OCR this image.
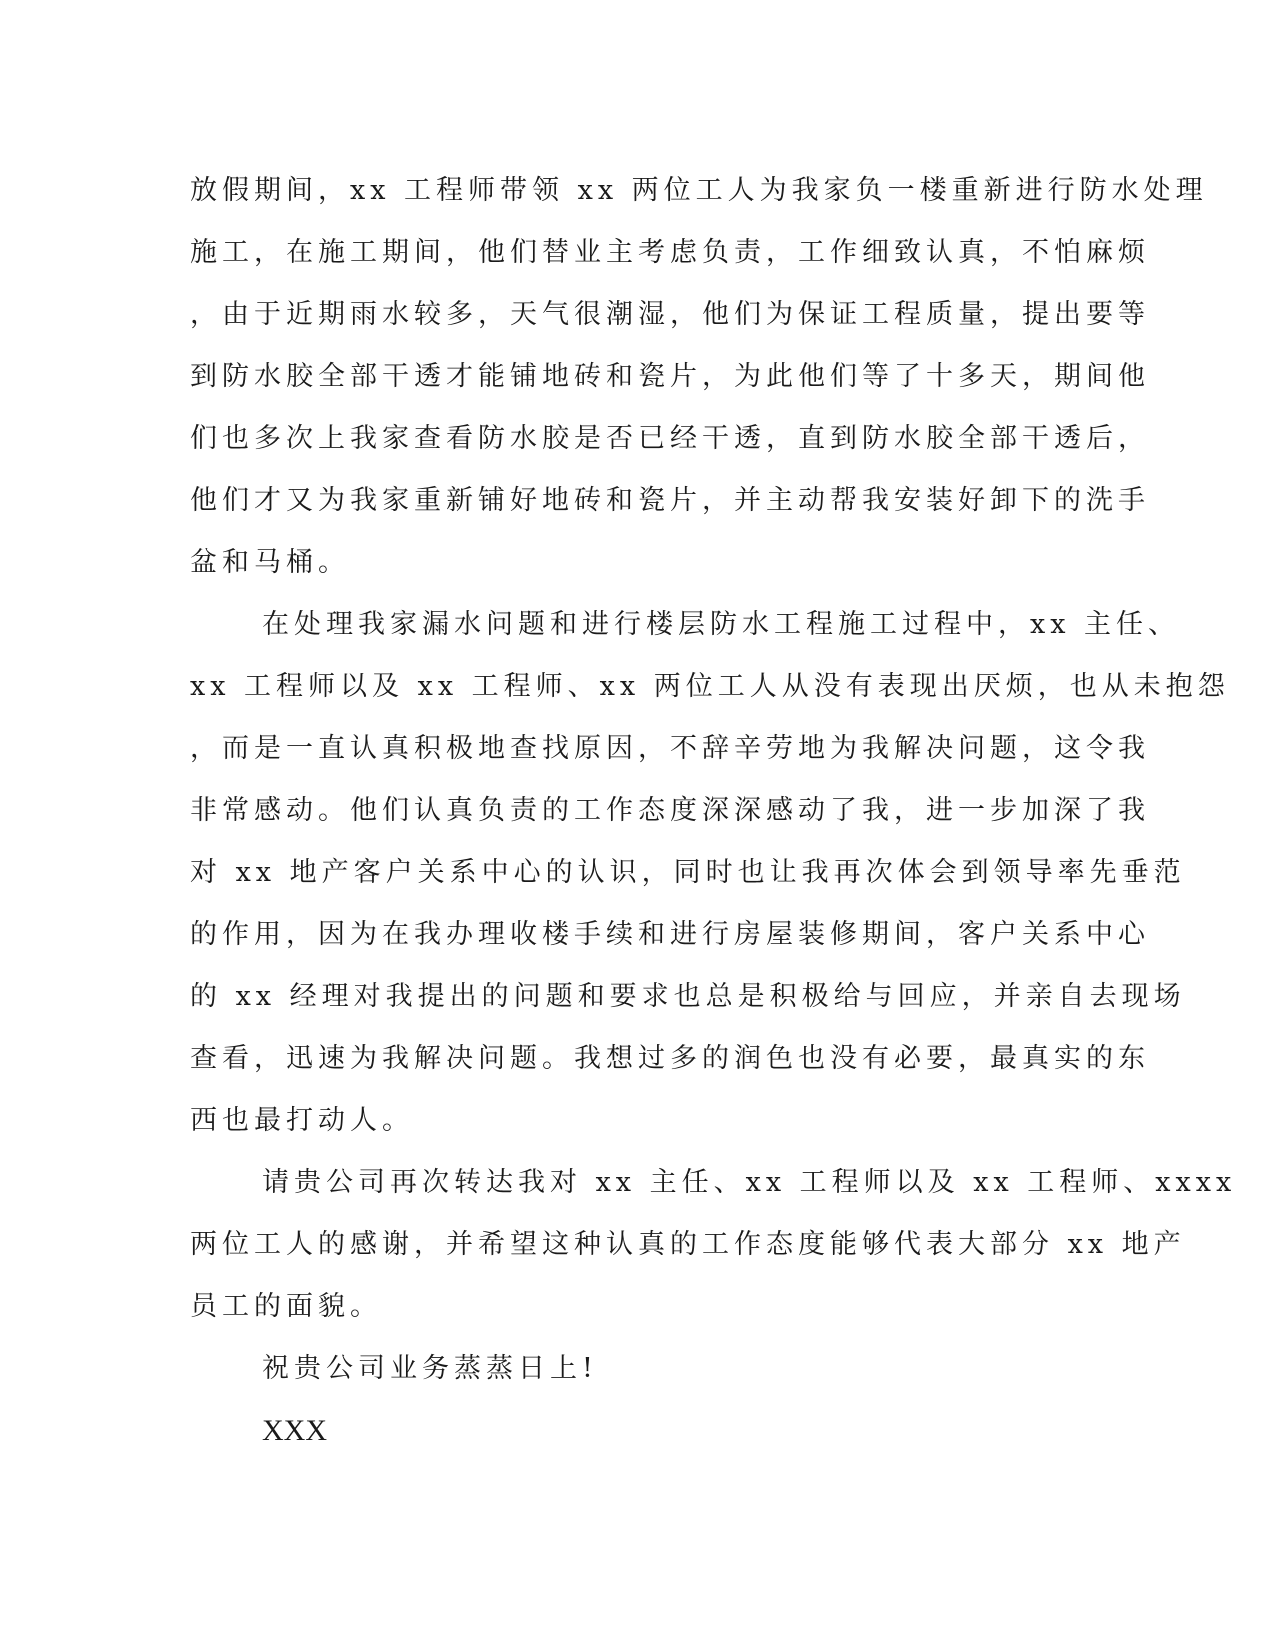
放假期间，xx 工程师带领 xx 两位工人为我家负一楼重新进行防水处理
施工，在施工期间，他们替业主考虑负责，工作细致认真，不怕麻烦
，由于近期雨水较多，天气很潮湿，他们为保证工程质量，提出要等
到防水胶全部干透才能铺地砖和瓷片，为此他们等了十多天，期间他
们也多次上我家查看防水胶是否已经干透，直到防水胶全部干透后，
他们才又为我家重新铺好地砖和瓷片，并主动帮我安装好卸下的洗手
盆和马桶。
在处理我家漏水问题和进行楼层防水工程施工过程中，xx 主任、
xx 工程师以及 xx 工程师、xx 两位工人从没有表现出厌烦，也从未抱怨
，而是一直认真积极地查找原因，不辞辛劳地为我解决问题，这令我
非常感动。他们认真负责的工作态度深深感动了我，进一步加深了我
对 xx 地产客户关系中心的认识，同时也让我再次体会到领导率先垂范
的作用，因为在我办理收楼手续和进行房屋装修期间，客户关系中心
的 xx 经理对我提出的问题和要求也总是积极给与回应，并亲自去现场
查看，迅速为我解决问题。我想过多的润色也没有必要，最真实的东
西也最打动人。
请贵公司再次转达我对 xx 主任、xx 工程师以及 xx 工程师、xxxx
两位工人的感谢，并希望这种认真的工作态度能够代表大部分 xx 地产
员工的面貌。
祝贵公司业务蒸蒸日上!
XXX
